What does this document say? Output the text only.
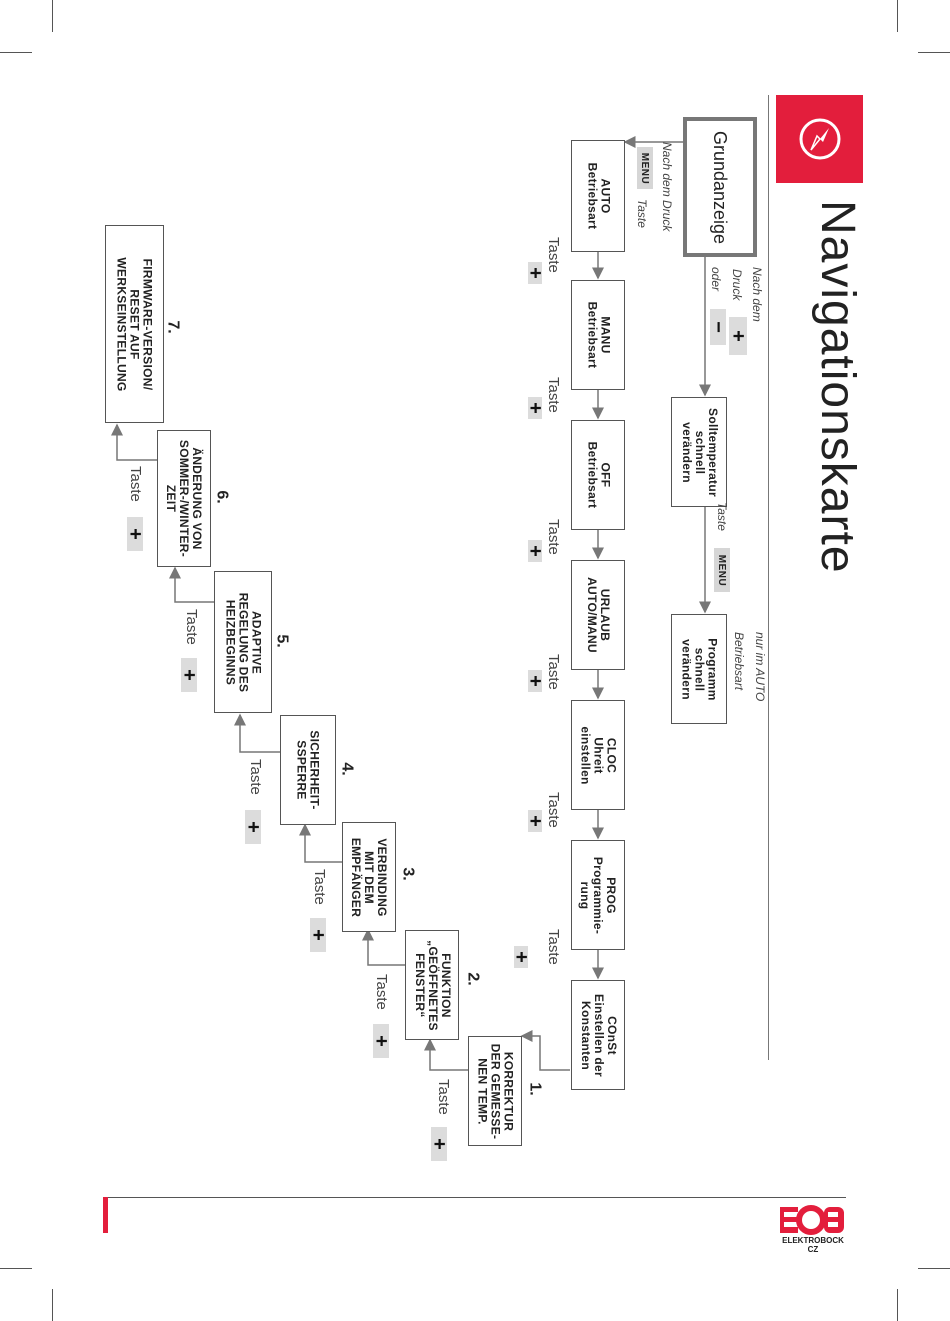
Navigationskarte
ELEKTROBOCK CZ
Grundanzeige
Nach dem Druck
MENU
Taste
Nach dem
Druck
+
oder
−
Solltemperatur
schnell
verändern
Taste
MENU
Programm
schnell
verändern	nur im AUTO
Betriebsart
AUTO
Betriebsart
MANU
Betriebsart
OFF
Betriebsart
URLAUB
AUTO/MANU
CLOC
Uhreit
einstellen
PROG
Programmie-
rung
COnSt
Einstellen der
Konstanten
Taste
+
Taste
+
Taste
+
Taste
+
Taste
+
Taste
+
KORREKTUR
DER GEMESSE-
NEN TEMP. 1.
FUNKTION
„GEÖFFNETES
FENSTER“ 2.
VERBINDING
MIT DEM
EMPFÄNGER 3.
SICHERHEIT-
SSPERRE 4.
ADAPTIVE
REGELUNG DES
HEIZBEGINNS 5.
ÄNDERUNG VON
SOMMER-/WINTER-
ZEIT 6.
FIRMWARE-VERSION/
RESET AUF
WERKSEINSTELLUNG 7.
Taste
+
Taste
+
Taste
+
Taste
+
Taste
+
Taste
+
